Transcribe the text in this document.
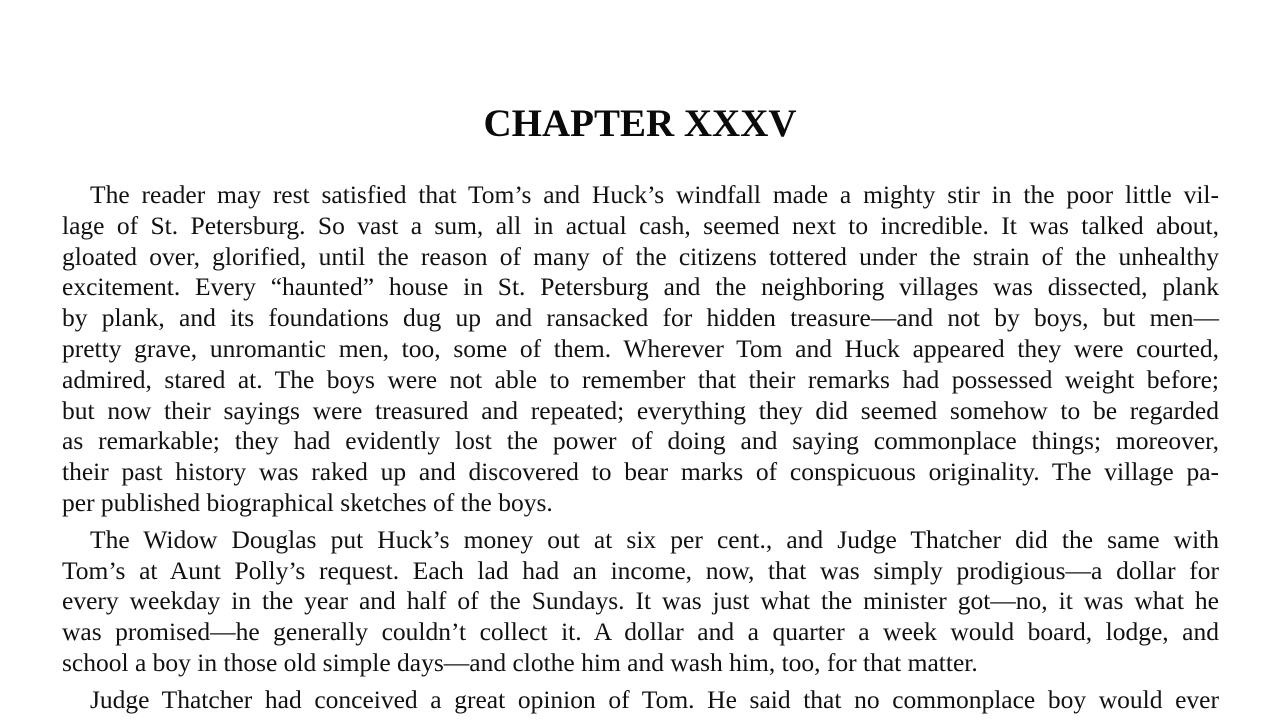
CHAPTER XXXV

The reader may rest satisfied that Tom’s and Huck’s windfall made a mighty stir in the poor little vil-
lage of St. Petersburg. So vast a sum, all in actual cash, seemed next to incredible. It was talked about,
gloated over, glorified, until the reason of many of the citizens tottered under the strain of the unhealthy
excitement. Every “haunted” house in St. Petersburg and the neighboring villages was dissected, plank
by plank, and its foundations dug up and ransacked for hidden treasure—and not by boys, but men—
pretty grave, unromantic men, too, some of them. Wherever Tom and Huck appeared they were courted,
admired, stared at. The boys were not able to remember that their remarks had possessed weight before;
but now their sayings were treasured and repeated; everything they did seemed somehow to be regarded
as remarkable; they had evidently lost the power of doing and saying commonplace things; moreover,
their past history was raked up and discovered to bear marks of conspicuous originality. The village pa-
per published biographical sketches of the boys.

The Widow Douglas put Huck’s money out at six per cent., and Judge Thatcher did the same with
Tom’s at Aunt Polly’s request. Each lad had an income, now, that was simply prodigious—a dollar for
every weekday in the year and half of the Sundays. It was just what the minister got—no, it was what he
was promised—he generally couldn’t collect it. A dollar and a quarter a week would board, lodge, and
school a boy in those old simple days—and clothe him and wash him, too, for that matter.

Judge Thatcher had conceived a great opinion of Tom. He said that no commonplace boy would ever
